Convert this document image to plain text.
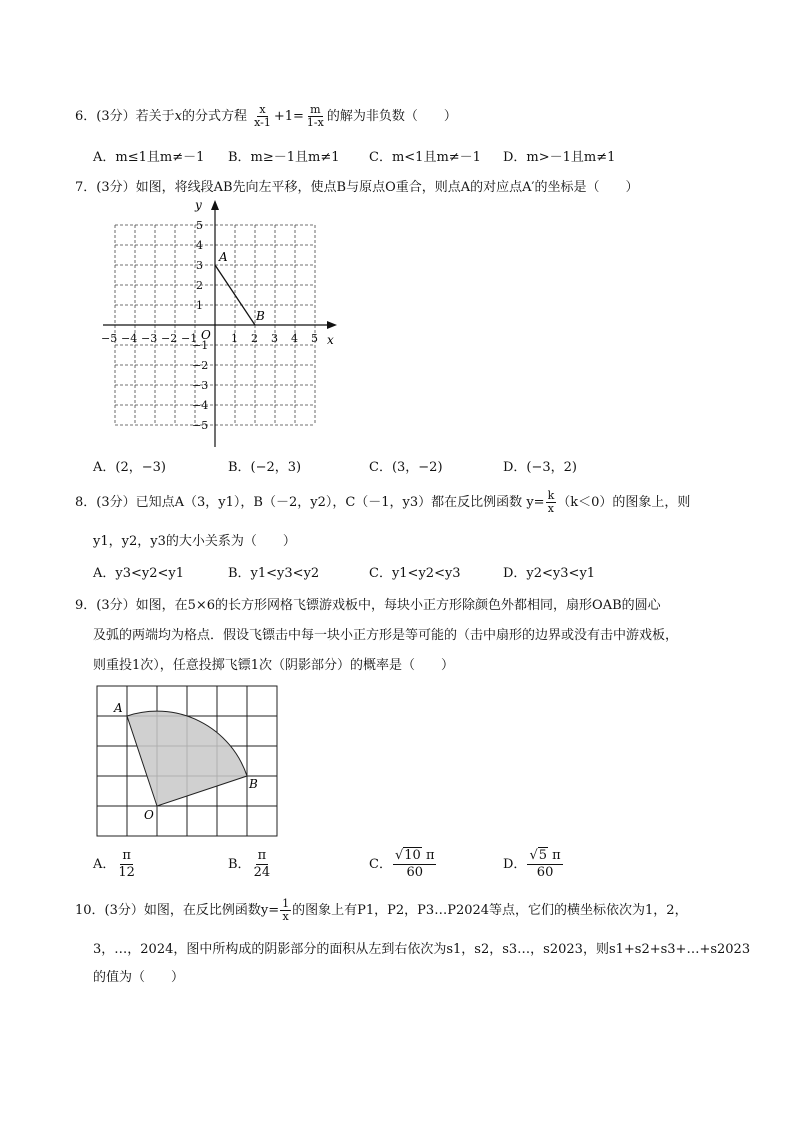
6．(3分）若关于x的分式方程 $\frac{x}{x-1} +1= \frac{m}{1-x}$ 的解为非负数（　　）
A．m≤1且m≠－1 B．m≥－1且m≠1 C．m<1且m≠－1 D．m>－1且m≠1
7．(3分）如图，将线段AB先向左平移，使点B与原点O重合，则点A的对应点A′的坐标是（　　）
y
x
O
5
4
3
2
1
−1
−2
−3
−4
−5
−5 −4 −3 −2 −1	1 2 3 4 5
A
B
A．(2，−3)	B．(−2，3)	C．(3，−2)	D．(−3，2)
8．(3分）已知点A（3，y1），B（－2，y2），C（－1，y3）都在反比例函数 $y= \frac{k}{x} (k<0)$的图象上，则
y1，y2，y3的大小关系为（　　）
A．y3<y2<y1	B．y1<y3<y2	C．y1<y2<y3	D．y2<y3<y1
9．(3分）如图，在5×6的长方形网格飞镖游戏板中，每块小正方形除颜色外都相同，扇形OAB的圆心
及弧的两端均为格点．假设飞镖击中每一块小正方形是等可能的（击中扇形的边界或没有击中游戏板，
则重投1次），任意投掷飞镖1次（阴影部分）的概率是（　　）
A
B
O
A． $\frac{\pi}{12}$	B． $\frac{\pi}{24}$	C． $\frac{√10 \pi}{60}$	D． $\frac{√5 \pi}{60}$
10．(3分）如图，在反比例函数$y= \frac{1}{x}$ 的图象上有P1，P2，P3…P2024等点，它们的横坐标依次为1，2，
3，…，2024，图中所构成的阴影部分的面积从左到右依次为s1，s2，s3…，s2023，则s1+s2+s3+…+s2023
的值为（　　）
